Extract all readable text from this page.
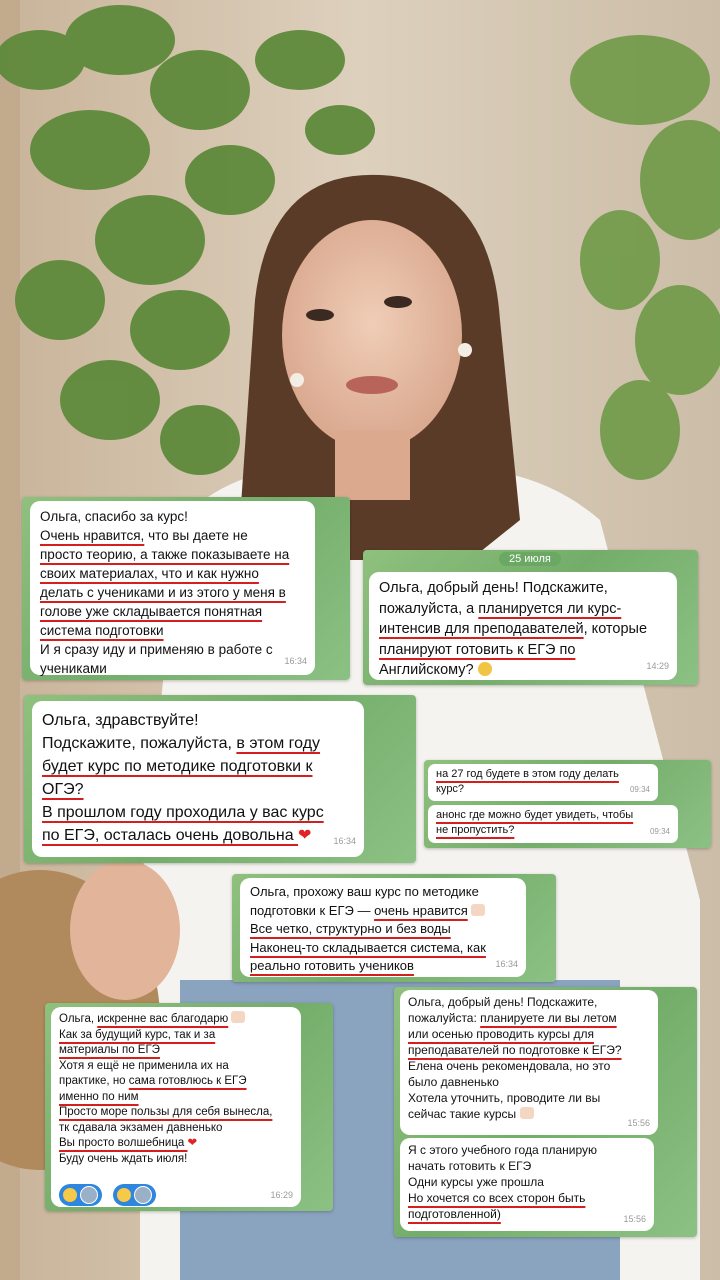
Ольга, спасибо за курс!
Очень нравится, что вы даете не
просто теорию, а также показываете на
своих материалах, что и как нужно
делать с учениками и из этого у меня в
голове уже складывается понятная
система подготовки
И я сразу иду и применяю в работе с
учениками	16:34
25 июля
Ольга, добрый день! Подскажите,
пожалуйста, а планируется ли курс-
интенсив для преподавателей, которые
планируют готовить к ЕГЭ по
Английскому?	14:29
Ольга, здравствуйте!
Подскажите, пожалуйста, в этом году
будет курс по методике подготовки к
ОГЭ?
В прошлом году проходила у вас курс
по ЕГЭ, осталась очень довольна ❤	16:34
на 27 год будете в этом году делать
курс?	09:34
анонс где можно будет увидеть, чтобы
не пропустить?	09:34
Ольга, прохожу ваш курс по методике
подготовки к ЕГЭ — очень нравится
Все четко, структурно и без воды
Наконец-то складывается система, как
реально готовить учеников	16:34
Ольга, искренне вас благодарю
Как за будущий курс, так и за
материалы по ЕГЭ
Хотя я ещё не применила их на
практике, но сама готовлюсь к ЕГЭ
именно по ним
Просто море пользы для себя вынесла,
тк сдавала экзамен давненько
Вы просто волшебница ❤
Буду очень ждать июля!
16:29
Ольга, добрый день! Подскажите,
пожалуйста: планируете ли вы летом
или осенью проводить курсы для
преподавателей по подготовке к ЕГЭ?
Елена очень рекомендовала, но это
было давненько
Хотела уточнить, проводите ли вы
сейчас такие курсы
15:56
Я с этого учебного года планирую
начать готовить к ЕГЭ
Одни курсы уже прошла
Но хочется со всех сторон быть
подготовленной)	15:56
